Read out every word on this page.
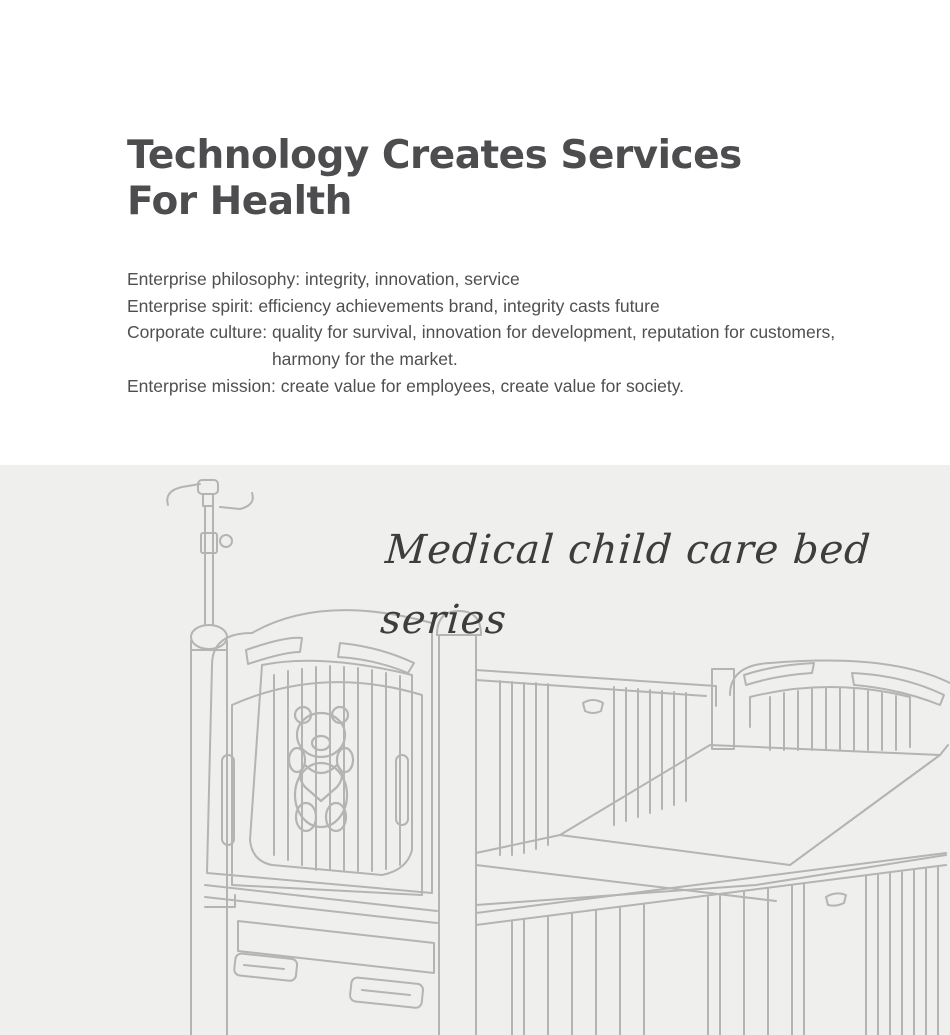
Technology Creates Services
For Health
Enterprise philosophy:
integrity, innovation, service
Enterprise spirit:
efficiency achievements brand, integrity casts future
Corporate culture:
quality for survival, innovation for development, reputation for customers, harmony for the market.
Enterprise mission:
create value for employees, create value for society.
Medical child care bed series
